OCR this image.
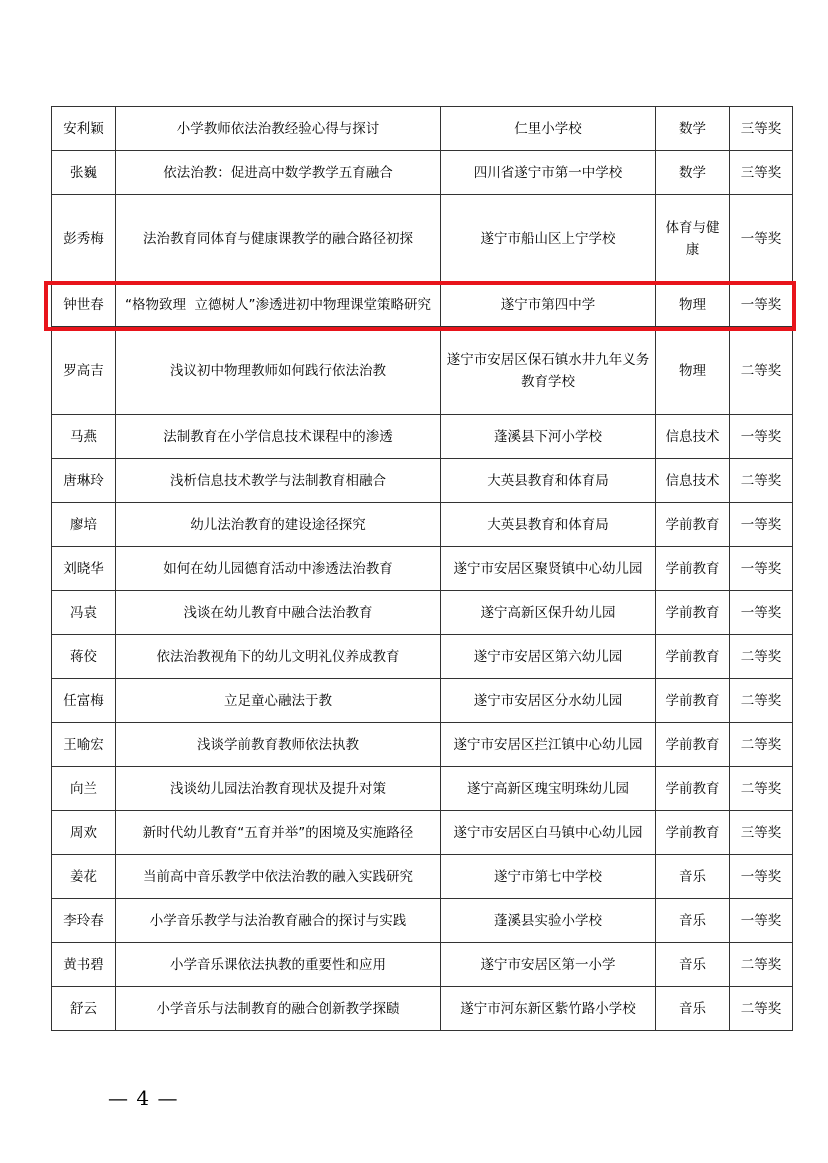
安利颖	小学教师依法治教经验心得与探讨	仁里小学校	数学	三等奖
张巍	依法治教：促进高中数学教学五育融合	四川省遂宁市第一中学校	数学	三等奖
彭秀梅	法治教育同体育与健康课教学的融合路径初探	遂宁市船山区上宁学校	体育与健康	一等奖
钟世春	“格物致理  立德树人”渗透进初中物理课堂策略研究	遂宁市第四中学	物理	一等奖
罗高吉	浅议初中物理教师如何践行依法治教	遂宁市安居区保石镇水井九年义务教育学校	物理	二等奖
马燕	法制教育在小学信息技术课程中的渗透	蓬溪县下河小学校	信息技术	一等奖
唐琳玲	浅析信息技术教学与法制教育相融合	大英县教育和体育局	信息技术	二等奖
廖培	幼儿法治教育的建设途径探究	大英县教育和体育局	学前教育	一等奖
刘晓华	如何在幼儿园德育活动中渗透法治教育	遂宁市安居区聚贤镇中心幼儿园	学前教育	一等奖
冯袁	浅谈在幼儿教育中融合法治教育	遂宁高新区保升幼儿园	学前教育	一等奖
蒋佼	依法治教视角下的幼儿文明礼仪养成教育	遂宁市安居区第六幼儿园	学前教育	二等奖
任富梅	立足童心融法于教	遂宁市安居区分水幼儿园	学前教育	二等奖
王喻宏	浅谈学前教育教师依法执教	遂宁市安居区拦江镇中心幼儿园	学前教育	二等奖
向兰	浅谈幼儿园法治教育现状及提升对策	遂宁高新区瑰宝明珠幼儿园	学前教育	二等奖
周欢	新时代幼儿教育“五育并举”的困境及实施路径	遂宁市安居区白马镇中心幼儿园	学前教育	三等奖
姜花	当前高中音乐教学中依法治教的融入实践研究	遂宁市第七中学校	音乐	一等奖
李玲春	小学音乐教学与法治教育融合的探讨与实践	蓬溪县实验小学校	音乐	一等奖
黄书碧	小学音乐课依法执教的重要性和应用	遂宁市安居区第一小学	音乐	二等奖
舒云	小学音乐与法制教育的融合创新教学探赜	遂宁市河东新区紫竹路小学校	音乐	二等奖
— 4 —
